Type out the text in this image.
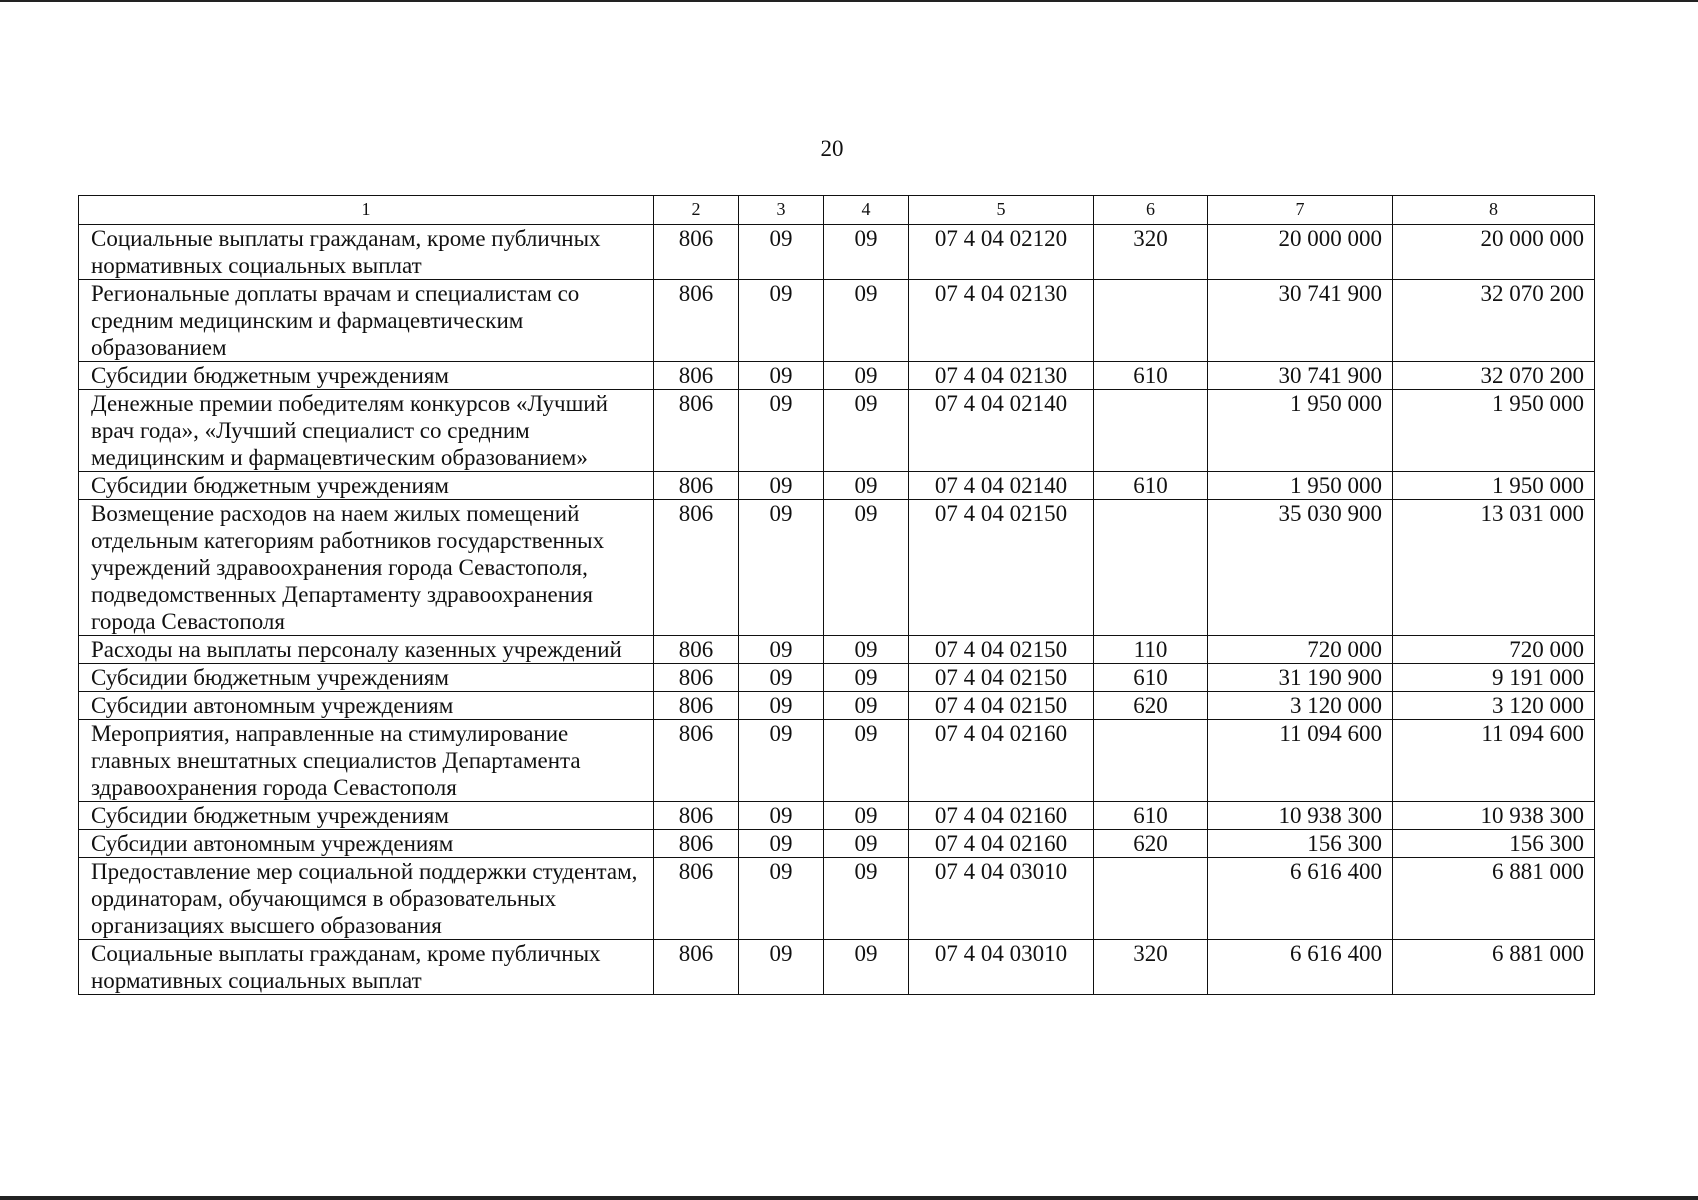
20
1	2	3	4	5	6	7	8
Социальные выплаты гражданам, кроме публичных нормативных социальных выплат	806	09	09	07 4 04 02120	320	20 000 000	20 000 000
Региональные доплаты врачам и специалистам со средним медицинским и фармацевтическим образованием	806	09	09	07 4 04 02130		30 741 900	32 070 200
Субсидии бюджетным учреждениям	806	09	09	07 4 04 02130	610	30 741 900	32 070 200
Денежные премии победителям конкурсов «Лучший врач года», «Лучший специалист со средним медицинским и фармацевтическим образованием»	806	09	09	07 4 04 02140		1 950 000	1 950 000
Субсидии бюджетным учреждениям	806	09	09	07 4 04 02140	610	1 950 000	1 950 000
Возмещение расходов на наем жилых помещений отдельным категориям работников государственных учреждений здравоохранения города Севастополя, подведомственных Департаменту здравоохранения города Севастополя	806	09	09	07 4 04 02150		35 030 900	13 031 000
Расходы на выплаты персоналу казенных учреждений	806	09	09	07 4 04 02150	110	720 000	720 000
Субсидии бюджетным учреждениям	806	09	09	07 4 04 02150	610	31 190 900	9 191 000
Субсидии автономным учреждениям	806	09	09	07 4 04 02150	620	3 120 000	3 120 000
Мероприятия, направленные на стимулирование главных внештатных специалистов Департамента здравоохранения города Севастополя	806	09	09	07 4 04 02160		11 094 600	11 094 600
Субсидии бюджетным учреждениям	806	09	09	07 4 04 02160	610	10 938 300	10 938 300
Субсидии автономным учреждениям	806	09	09	07 4 04 02160	620	156 300	156 300
Предоставление мер социальной поддержки студентам, ординаторам, обучающимся в образовательных организациях высшего образования	806	09	09	07 4 04 03010		6 616 400	6 881 000
Социальные выплаты гражданам, кроме публичных нормативных социальных выплат	806	09	09	07 4 04 03010	320	6 616 400	6 881 000
